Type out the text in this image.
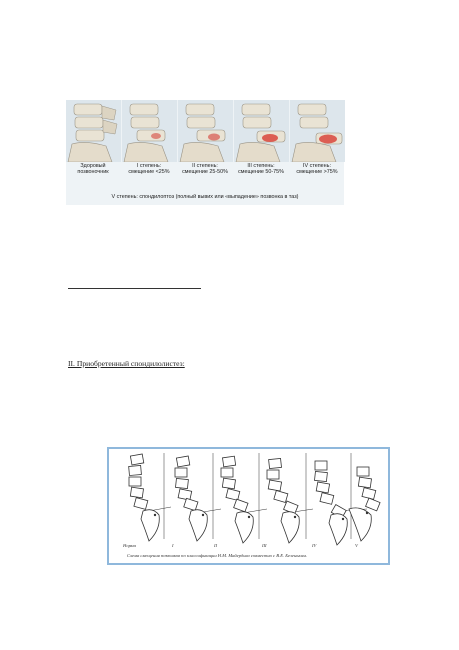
Здоровый
позвоночник
I степень:
смещение <25%
II степень:
смещение 25-50%
III степень:
смещение 50-75%
IV степень:
смещение >75%
V степень: спондилоптоз (полный вывих или «выпадение» позвонка в таз)
II. Приобретенный спондилолистез:
Норма	I	II	III	IV	V
Схема смещения позвонков по классификации Н.М. Майерднга совместно с В.Е. Беленьким.
